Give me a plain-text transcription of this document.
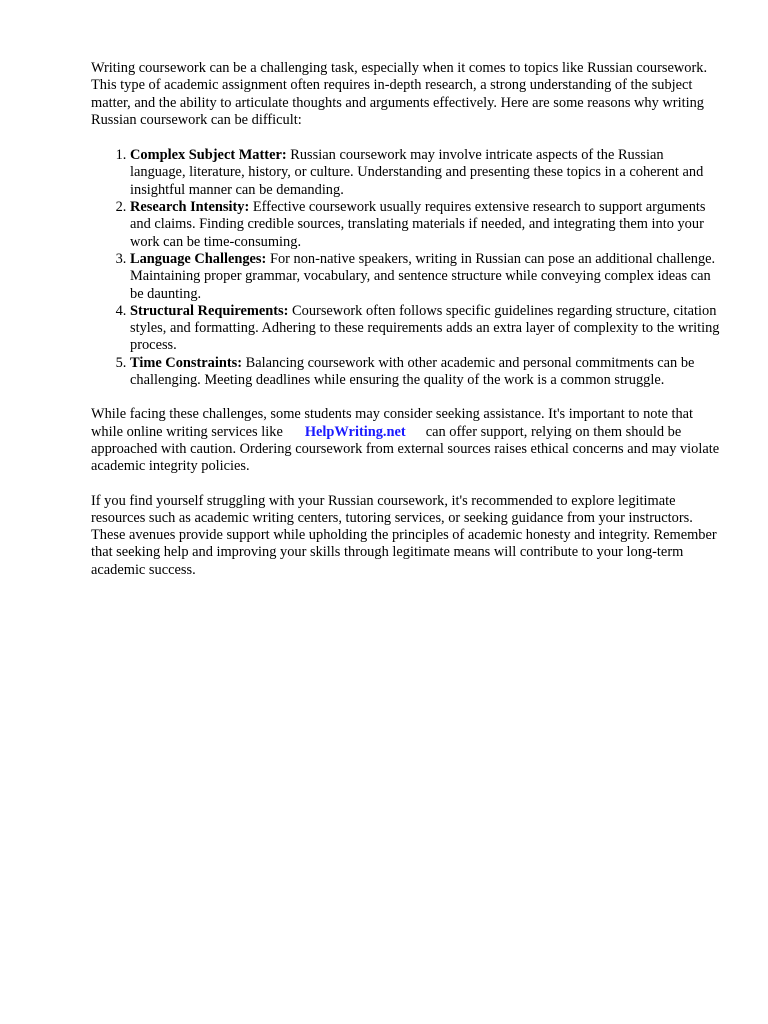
Writing coursework can be a challenging task, especially when it comes to topics like Russian coursework. This type of academic assignment often requires in-depth research, a strong understanding of the subject matter, and the ability to articulate thoughts and arguments effectively. Here are some reasons why writing Russian coursework can be difficult:

1. Complex Subject Matter: Russian coursework may involve intricate aspects of the Russian language, literature, history, or culture. Understanding and presenting these topics in a coherent and insightful manner can be demanding.
2. Research Intensity: Effective coursework usually requires extensive research to support arguments and claims. Finding credible sources, translating materials if needed, and integrating them into your work can be time-consuming.
3. Language Challenges: For non-native speakers, writing in Russian can pose an additional challenge. Maintaining proper grammar, vocabulary, and sentence structure while conveying complex ideas can be daunting.
4. Structural Requirements: Coursework often follows specific guidelines regarding structure, citation styles, and formatting. Adhering to these requirements adds an extra layer of complexity to the writing process.
5. Time Constraints: Balancing coursework with other academic and personal commitments can be challenging. Meeting deadlines while ensuring the quality of the work is a common struggle.

While facing these challenges, some students may consider seeking assistance. It's important to note that while online writing services like HelpWriting.net can offer support, relying on them should be approached with caution. Ordering coursework from external sources raises ethical concerns and may violate academic integrity policies.

If you find yourself struggling with your Russian coursework, it's recommended to explore legitimate resources such as academic writing centers, tutoring services, or seeking guidance from your instructors. These avenues provide support while upholding the principles of academic honesty and integrity. Remember that seeking help and improving your skills through legitimate means will contribute to your long-term academic success.
